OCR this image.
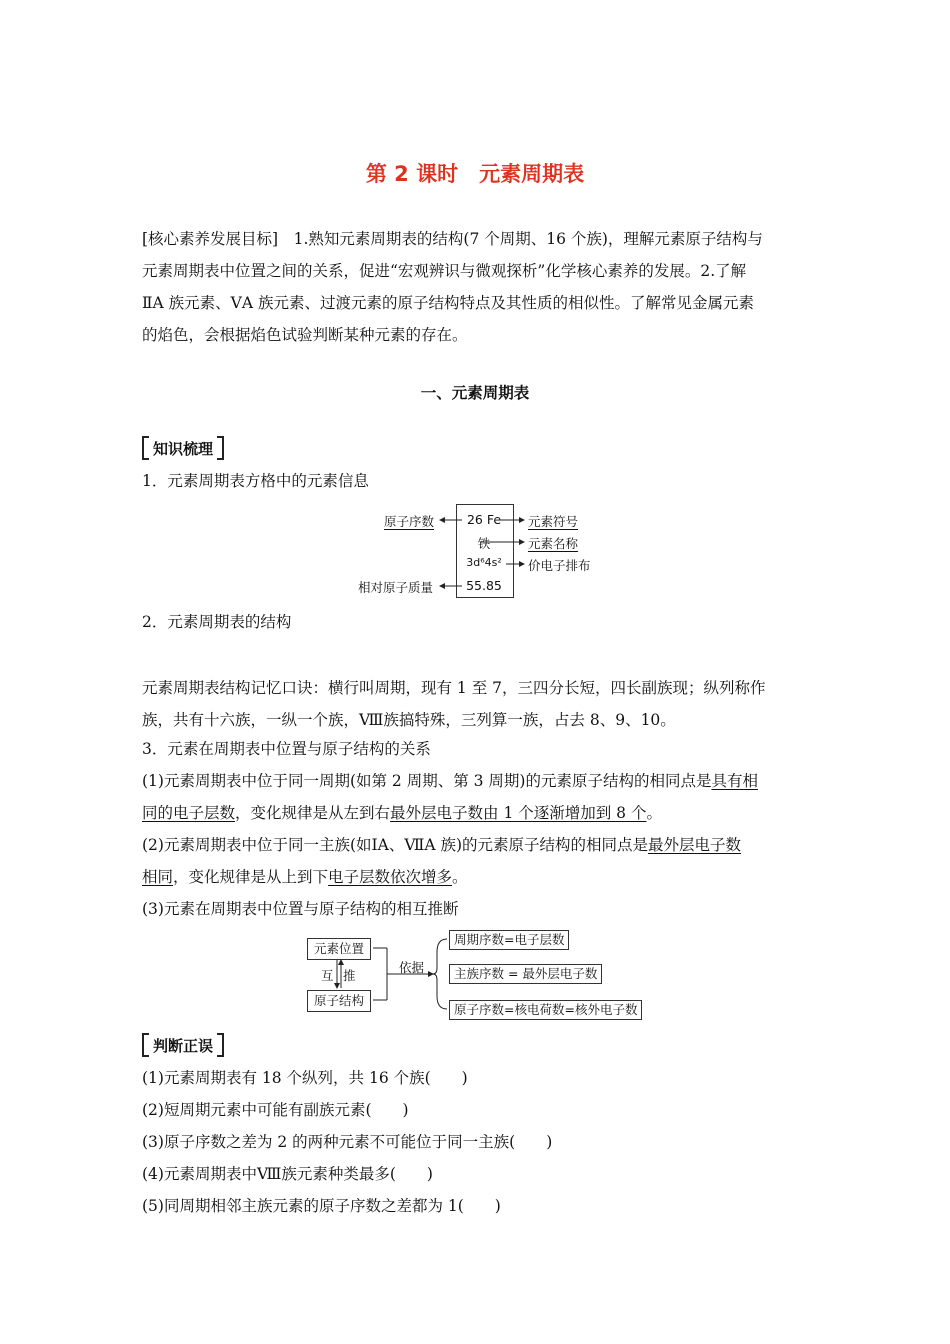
第 2 课时　元素周期表
[核心素养发展目标]　1.熟知元素周期表的结构(7 个周期、16 个族)，理解元素原子结构与
元素周期表中位置之间的关系，促进“宏观辨识与微观探析”化学核心素养的发展。2.了解
ⅡA 族元素、ⅤA 族元素、过渡元素的原子结构特点及其性质的相似性。了解常见金属元素
的焰色，会根据焰色试验判断某种元素的存在。
一、元素周期表
知识梳理
1．元素周期表方格中的元素信息
26 Fe
铁
3d⁶4s²
55.85
原子序数
相对原子质量
元素符号
元素名称
价电子排布
2．元素周期表的结构
元素周期表结构记忆口诀：横行叫周期，现有 1 至 7，三四分长短，四长副族现；纵列称作
族，共有十六族，一纵一个族，Ⅷ族搞特殊，三列算一族，占去 8、9、10。
3．元素在周期表中位置与原子结构的关系
(1)元素周期表中位于同一周期(如第 2 周期、第 3 周期)的元素原子结构的相同点是具有相
同的电子层数，变化规律是从左到右最外层电子数由 1 个逐渐增加到 8 个。
(2)元素周期表中位于同一主族(如ⅠA、ⅦA 族)的元素原子结构的相同点是最外层电子数
相同，变化规律是从上到下电子层数依次增多。
(3)元素在周期表中位置与原子结构的相互推断
元素位置
原子结构
互 推
依据
周期序数=电子层数
主族序数 = 最外层电子数
原子序数=核电荷数=核外电子数
判断正误
(1)元素周期表有 18 个纵列，共 16 个族(　　)
(2)短周期元素中可能有副族元素(　　)
(3)原子序数之差为 2 的两种元素不可能位于同一主族(　　)
(4)元素周期表中Ⅷ族元素种类最多(　　)
(5)同周期相邻主族元素的原子序数之差都为 1(　　)
